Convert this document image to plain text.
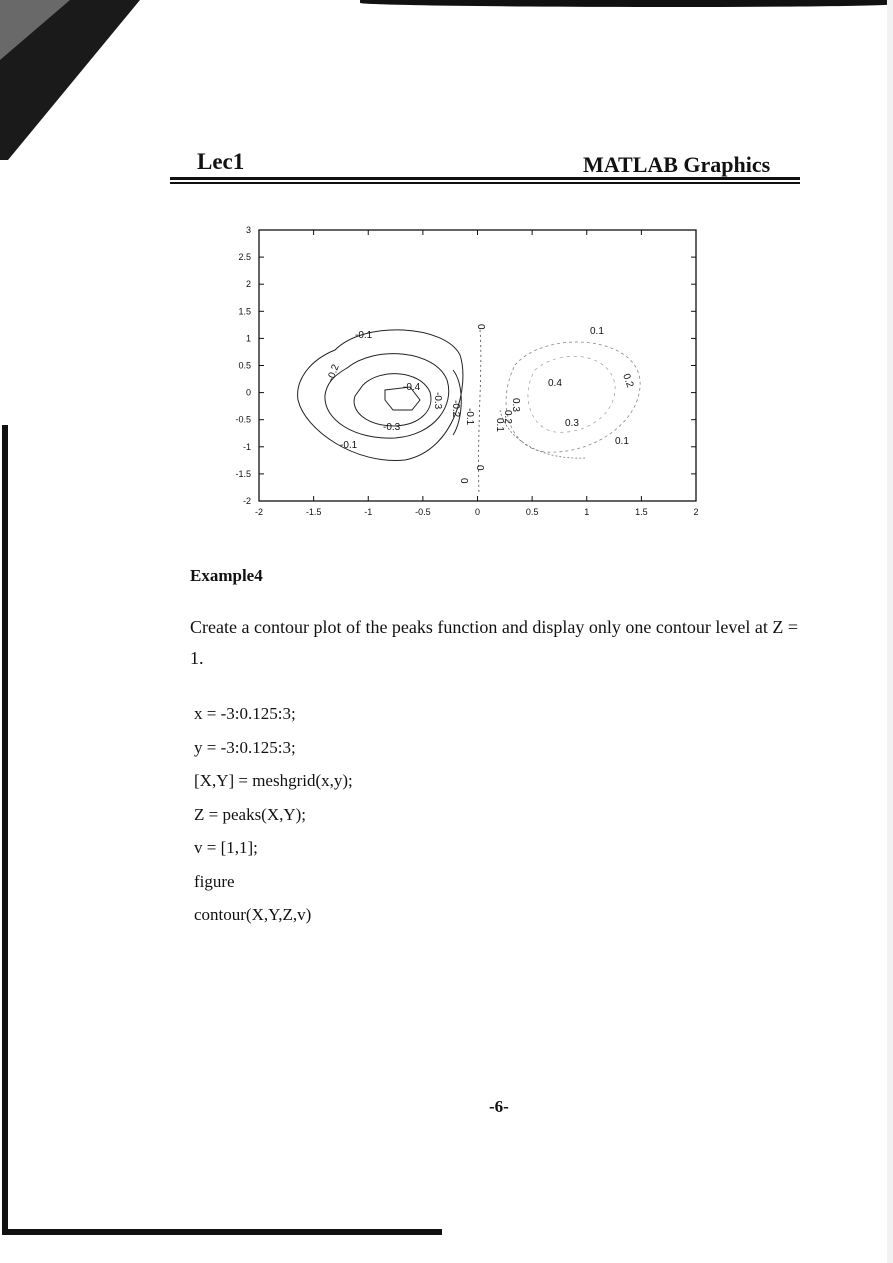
Lec1	MATLAB Graphics
3
2.5
2
1.5
1
0.5
0
-0.5
-1
-1.5
-2
-2	-1.5	-1	-0.5	0	0.5	1	1.5	2
-0.1
-0.2
-0.4
-0.3 -0.2 -0.1
0
0.3
0.2
0.1
0.4
0.3
0.2
0.1
0.1
-0.3
-0.1
0
0
Example4
Create a contour plot of the peaks function and display only one contour level at Z = 1.
x = -3:0.125:3;
y = -3:0.125:3;
[X,Y] = meshgrid(x,y);
Z = peaks(X,Y);
v = [1,1];
figure
contour(X,Y,Z,v)
-6-
